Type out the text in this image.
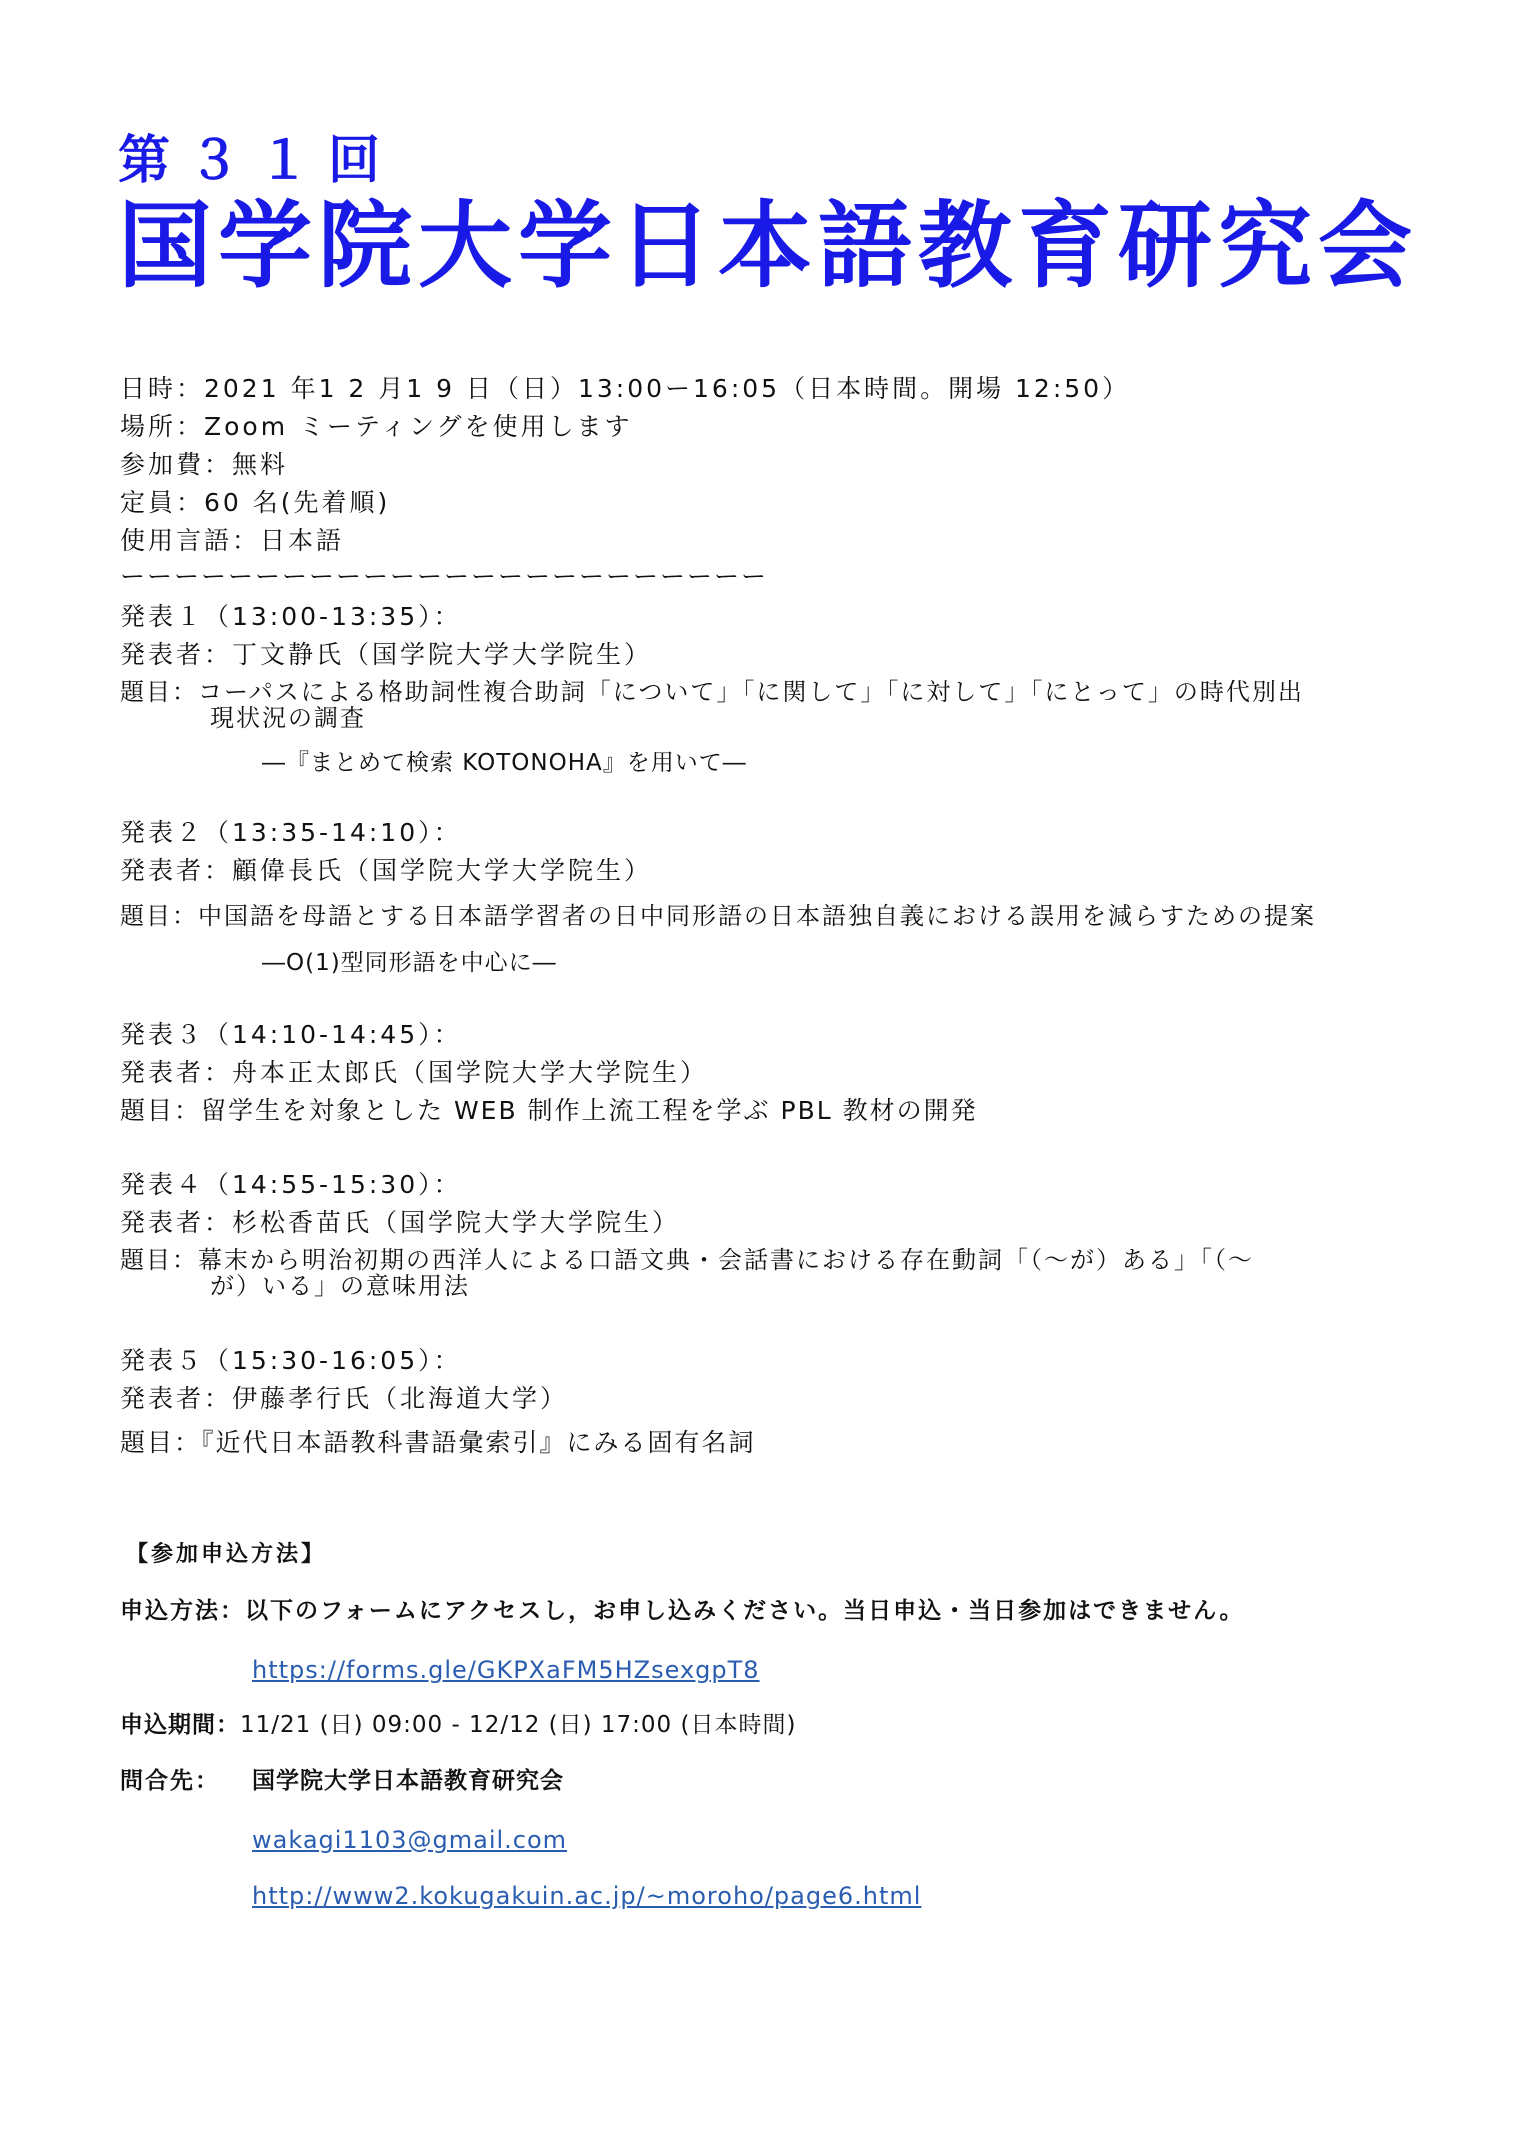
第３１回
国学院大学日本語教育研究会
日時：2021 年1 2 月1 9 日（日）13:00ー16:05（日本時間。開場 12:50）
場所：Zoom ミーティングを使用します
参加費：無料
定員：60 名(先着順)
使用言語：日本語
ーーーーーーーーーーーーーーーーーーーーーーーー
発表１（13:00-13:35）：
発表者：丁文静氏（国学院大学大学院生）
題目：コーパスによる格助詞性複合助詞「について」「に関して」「に対して」「にとって」の時代別出
現状況の調査
―『まとめて検索 KOTONOHA』を用いて―
発表２（13:35-14:10）：
発表者：顧偉長氏（国学院大学大学院生）
題目：中国語を母語とする日本語学習者の日中同形語の日本語独自義における誤用を減らすための提案
―O(1)型同形語を中心に―
発表３（14:10-14:45）：
発表者：舟本正太郎氏（国学院大学大学院生）
題目：留学生を対象とした WEB 制作上流工程を学ぶ PBL 教材の開発
発表４（14:55-15:30）：
発表者：杉松香苗氏（国学院大学大学院生）
題目：幕末から明治初期の西洋人による口語文典・会話書における存在動詞「（～が）ある」「（～
が）いる」の意味用法
発表５（15:30-16:05）：
発表者：伊藤孝行氏（北海道大学）
題目：『近代日本語教科書語彙索引』にみる固有名詞
【参加申込方法】
申込方法：以下のフォームにアクセスし，お申し込みください。当日申込・当日参加はできません。
https://forms.gle/GKPXaFM5HZsexgpT8
申込期間：11/21 (日) 09:00 - 12/12 (日) 17:00 (日本時間)
問合先： 国学院大学日本語教育研究会
wakagi1103@gmail.com
http://www2.kokugakuin.ac.jp/~moroho/page6.html
